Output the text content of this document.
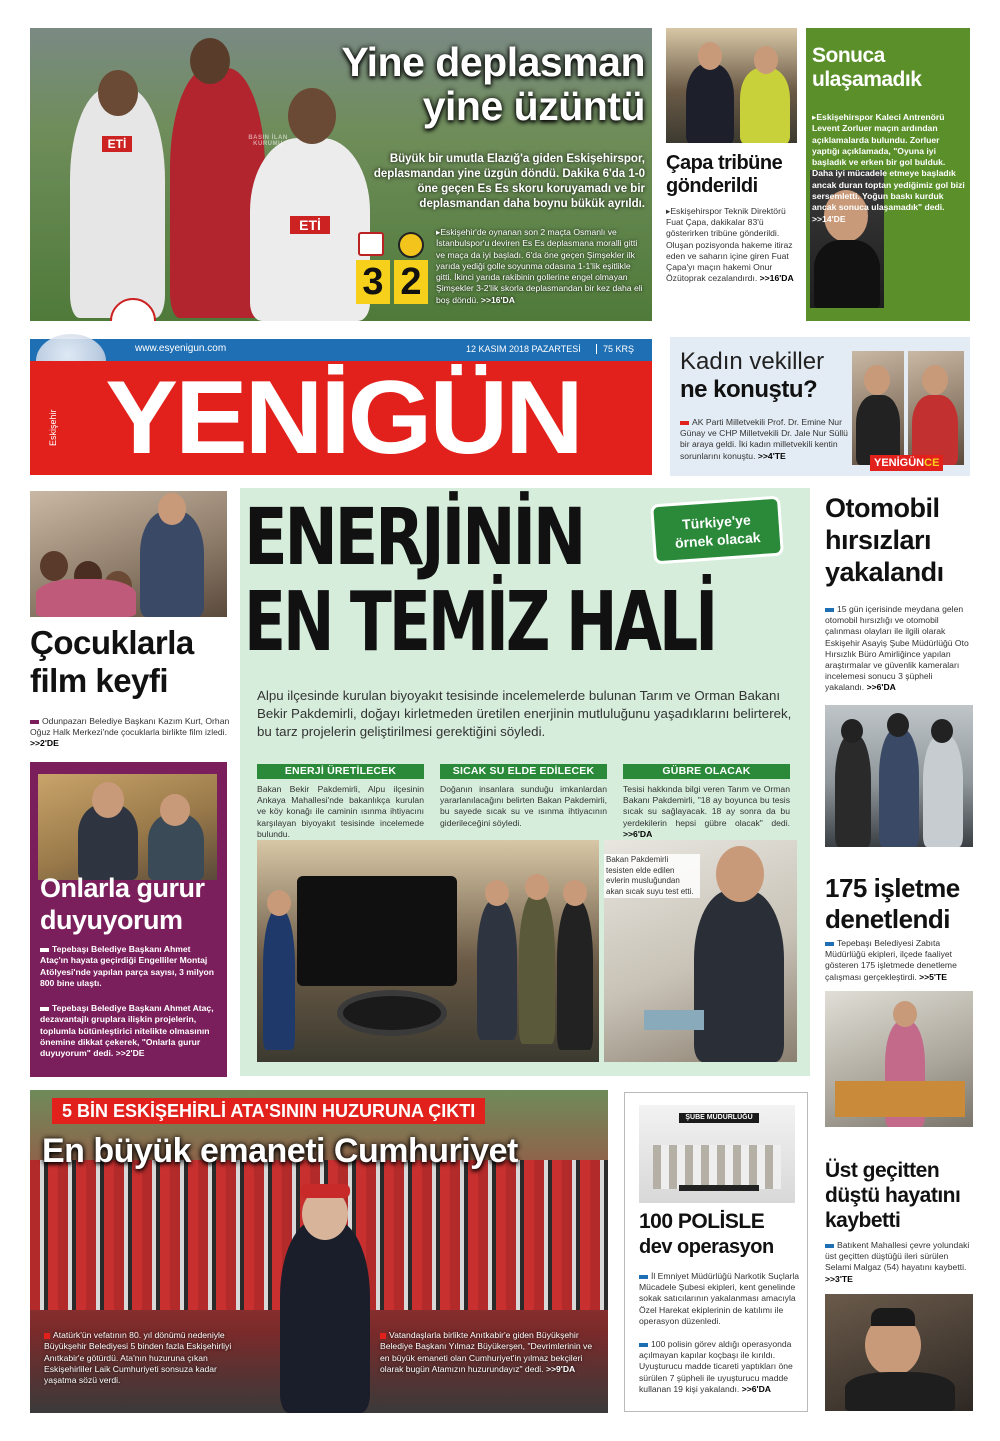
ETİ
ETİ
Yine deplasman yine üzüntü
Büyük bir umutla Elazığ'a giden Eskişehirspor, deplasmandan yine üzgün döndü. Dakika 6'da 1-0 öne geçen Es Es skoru koruyamadı ve bir deplasmandan daha boynu bükük ayrıldı.
3 2
▸Eskişehir'de oynanan son 2 maçta Osmanlı ve İstanbulspor'u deviren Es Es deplasmana moralli gitti ve maça da iyi başladı. 6'da öne geçen Şimşekler ilk yarıda yediği golle soyunma odasına 1-1'lik eşitlikle gitti. İkinci yarıda rakibinin gollerine engel olmayan Şimşekler 3-2'lik skorla deplasmandan bir kez daha eli boş döndü. >>16'DA
BASIN İLAN KURUMU
Çapa tribüne gönderildi
▸Eskişehirspor Teknik Direktörü Fuat Çapa, dakikalar 83'ü gösterirken tribüne gönderildi. Oluşan pozisyonda hakeme itiraz eden ve saharın içine giren Fuat Çapa'yı maçın hakemi Onur Özütoprak cezalandırdı. >>16'DA
Sonuca ulaşamadık
▸Eskişehirspor Kaleci Antrenörü Levent Zorluer maçın ardından açıklamalarda bulundu. Zorluer yaptığı açıklamada, "Oyuna iyi başladık ve erken bir gol bulduk. Daha iyi mücadele etmeye başladık ancak duran toptan yediğimiz gol bizi sersemletti. Yoğun baskı kurduk ancak sonuca ulaşamadık" dedi. >>14'DE
www.esyenigun.com	12 KASIM 2018 PAZARTESİ	75 KRŞ
YENİGÜN
Eskişehir
Kadın vekiller
ne konuştu?
AK Parti Milletvekili Prof. Dr. Emine Nur Günay ve CHP Milletvekili Dr. Jale Nur Süllü bir araya geldi. İki kadın milletvekili kentin sorunlarını konuştu. >>4'TE
YENİGÜNCE
Çocuklarla film keyfi
Odunpazarı Belediye Başkanı Kazım Kurt, Orhan Oğuz Halk Merkezi'nde çocuklarla birlikte film izledi. >>2'DE
Onlarla gurur duyuyorum
Tepebaşı Belediye Başkanı Ahmet Ataç'ın hayata geçirdiği Engelliler Montaj Atölyesi'nde yapılan parça sayısı, 3 milyon 800 bine ulaştı.
Tepebaşı Belediye Başkanı Ahmet Ataç, dezavantajlı gruplara ilişkin projelerin, toplumla bütünleştirici nitelikte olmasının önemine dikkat çekerek, "Onlarla gurur duyuyorum" dedi. >>2'DE
ENERJİNİN
EN TEMİZ HALİ
Türkiye'ye örnek olacak
Alpu ilçesinde kurulan biyoyakıt tesisinde incelemelerde bulunan Tarım ve Orman Bakanı Bekir Pakdemirli, doğayı kirletmeden üretilen enerjinin mutluluğunu yaşadıklarını belirterek, bu tarz projelerin geliştirilmesi gerektiğini söyledi.
ENERJİ ÜRETİLECEK
Bakan Bekir Pakdemirli, Alpu ilçesinin Ankaya Mahallesi'nde bakanlıkça kurulan ve köy konağı ile caminin ısınma ihtiyacını karşılayan biyoyakıt tesisinde incelemede bulundu.
SICAK SU ELDE EDİLECEK
Doğanın insanlara sunduğu imkanlardan yararlanılacağını belirten Bakan Pakdemirli, bu sayede sıcak su ve ısınma ihtiyacının giderileceğini söyledi.
GÜBRE OLACAK
Tesisi hakkında bilgi veren Tarım ve Orman Bakanı Pakdemirli, "18 ay boyunca bu tesis sıcak su sağlayacak. 18 ay sonra da bu yerdekilerin hepsi gübre olacak" dedi. >>6'DA
Bakan Pakdemirli tesisten elde edilen evlerin musluğundan akan sıcak suyu test etti.
Otomobil hırsızları yakalandı
15 gün içerisinde meydana gelen otomobil hırsızlığı ve otomobil çalınması olayları ile ilgili olarak Eskişehir Asayiş Şube Müdürlüğü Oto Hırsızlık Büro Amirliğince yapılan araştırmalar ve güvenlik kameraları incelemesi sonucu 3 şüpheli yakalandı. >>6'DA
175 işletme denetlendi
Tepebaşı Belediyesi Zabıta Müdürlüğü ekipleri, ilçede faaliyet gösteren 175 işletmede denetleme çalışması gerçekleştirdi. >>5'TE
5 BİN ESKİŞEHİRLİ ATA'SININ HUZURUNA ÇIKTI
En büyük emaneti Cumhuriyet
Atatürk'ün vefatının 80. yıl dönümü nedeniyle Büyükşehir Belediyesi 5 binden fazla Eskişehirliyi Anıtkabir'e götürdü. Ata'nın huzuruna çıkan Eskişehirliler Laik Cumhuriyeti sonsuza kadar yaşatma sözü verdi.
Vatandaşlarla birlikte Anıtkabir'e giden Büyükşehir Belediye Başkanı Yılmaz Büyükerşen, "Devrimlerinin ve en büyük emaneti olan Cumhuriyet'in yılmaz bekçileri olarak bugün Atamızın huzurundayız" dedi. >>9'DA
ŞUBE MÜDÜRLÜĞÜ
100 POLİSLE
dev operasyon
İl Emniyet Müdürlüğü Narkotik Suçlarla Mücadele Şubesi ekipleri, kent genelinde sokak satıcılarının yakalanması amacıyla Özel Harekat ekiplerinin de katılımı ile operasyon düzenledi.
100 polisin görev aldığı operasyonda açılmayan kapılar koçbaşı ile kırıldı. Uyuşturucu madde ticareti yaptıkları öne sürülen 7 şüpheli ile uyuşturucu madde kullanan 19 kişi yakalandı. >>6'DA
Üst geçitten düştü hayatını kaybetti
Batıkent Mahallesi çevre yolundaki üst geçitten düştüğü ileri sürülen Selami Malgaz (54) hayatını kaybetti. >>3'TE
